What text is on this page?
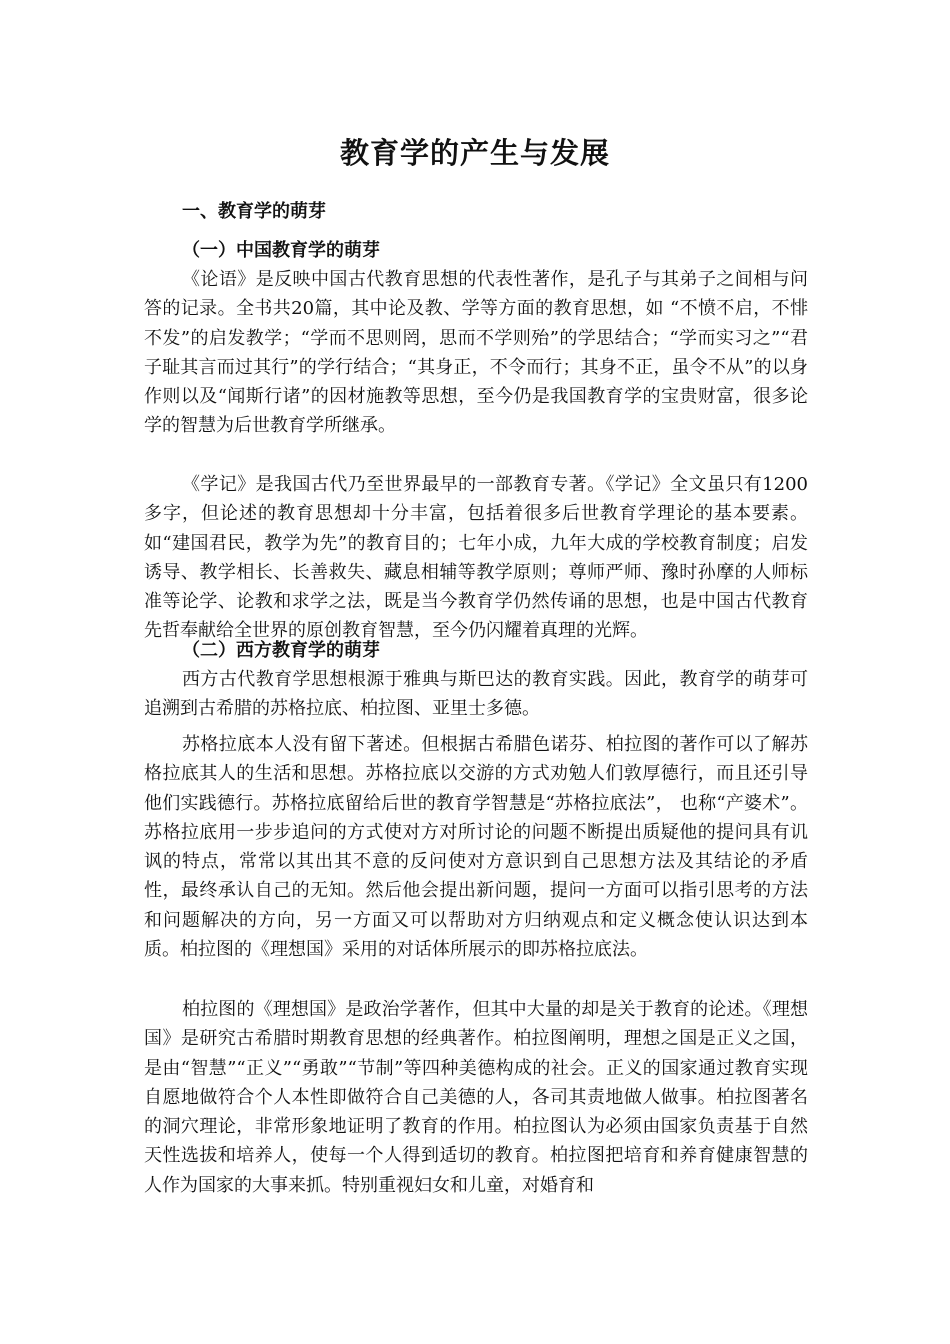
教育学的产生与发展
一、教育学的萌芽
（一）中国教育学的萌芽

《论语》是反映中国古代教育思想的代表性著作，是孔子与其弟子之间相与问答的记录。全书共20篇，其中论及教、学等方面的教育思想，如 “不愤不启，不悱不发”的启发教学；“学而不思则罔，思而不学则殆”的学思结合；“学而实习之”“君子耻其言而过其行”的学行结合；“其身正，不令而行；其身不正，虽令不从”的以身作则以及“闻斯行诸”的因材施教等思想，至今仍是我国教育学的宝贵财富，很多论学的智慧为后世教育学所继承。

《学记》是我国古代乃至世界最早的一部教育专著。《学记》全文虽只有1200多字，但论述的教育思想却十分丰富，包括着很多后世教育学理论的基本要素。如“建国君民，教学为先”的教育目的；七年小成，九年大成的学校教育制度；启发诱导、教学相长、长善救失、藏息相辅等教学原则；尊师严师、豫时孙摩的人师标准等论学、论教和求学之法，既是当今教育学仍然传诵的思想，也是中国古代教育先哲奉献给全世界的原创教育智慧，至今仍闪耀着真理的光辉。

（二）西方教育学的萌芽

西方古代教育学思想根源于雅典与斯巴达的教育实践。因此，教育学的萌芽可追溯到古希腊的苏格拉底、柏拉图、亚里士多德。

苏格拉底本人没有留下著述。但根据古希腊色诺芬、柏拉图的著作可以了解苏格拉底其人的生活和思想。苏格拉底以交游的方式劝勉人们敦厚德行，而且还引导他们实践德行。苏格拉底留给后世的教育学智慧是“苏格拉底法”， 也称“产婆术”。苏格拉底用一步步追问的方式使对方对所讨论的问题不断提出质疑他的提问具有讥讽的特点，常常以其出其不意的反问使对方意识到自己思想方法及其结论的矛盾性，最终承认自己的无知。然后他会提出新问题，提问一方面可以指引思考的方法和问题解决的方向，另一方面又可以帮助对方归纳观点和定义概念使认识达到本质。柏拉图的《理想国》采用的对话体所展示的即苏格拉底法。

柏拉图的《理想国》是政治学著作，但其中大量的却是关于教育的论述。《理想国》是研究古希腊时期教育思想的经典著作。柏拉图阐明，理想之国是正义之国，是由“智慧”“正义”“勇敢”“节制”等四种美德构成的社会。正义的国家通过教育实现自愿地做符合个人本性即做符合自己美德的人，各司其责地做人做事。柏拉图著名的洞穴理论，非常形象地证明了教育的作用。柏拉图认为必须由国家负责基于自然天性选拔和培养人，使每一个人得到适切的教育。柏拉图把培育和养育健康智慧的人作为国家的大事来抓。特别重视妇女和儿童，对婚育和
